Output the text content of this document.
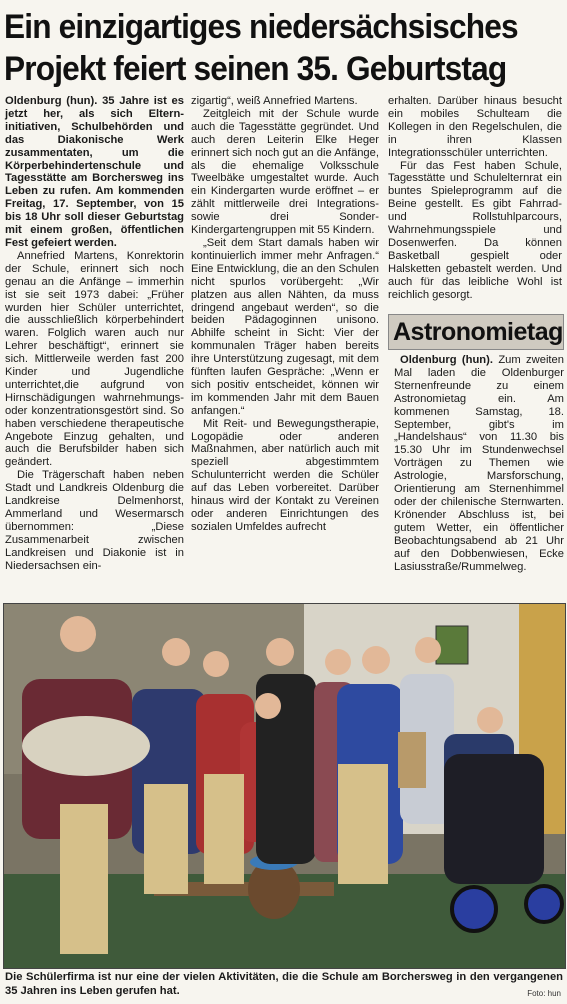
Ein einzigartiges niedersächsisches
Projekt feiert seinen 35. Geburtstag

Oldenburg (hun). 35 Jahre ist es jetzt her, als sich Eltern-initiativen, Schulbehörden und das Diakonische Werk zusammentaten, um die Körperbehindertenschule und Tagesstätte am Borchersweg ins Leben zu rufen. Am kommenden Freitag, 17. September, von 15 bis 18 Uhr soll dieser Geburtstag mit einem großen, öffentlichen Fest gefeiert werden.

Annefried Martens, Konrektorin der Schule, erinnert sich noch genau an die Anfänge – immerhin ist sie seit 1973 dabei: „Früher wurden hier Schüler unterrichtet, die ausschließlich körperbehindert waren. Folglich waren auch nur Lehrer beschäftigt“, erinnert sie sich. Mittlerweile werden fast 200 Kinder und Jugendliche unterrichtet,die aufgrund von Hirnschädigungen wahrnehmungs- oder konzentrationsgestört sind. So haben verschiedene therapeutische Angebote Einzug gehalten, und auch die Berufsbilder haben sich geändert.

Die Trägerschaft haben neben Stadt und Landkreis Oldenburg die Landkreise Delmenhorst, Ammerland und Wesermarsch übernommen: „Diese Zusammenarbeit zwischen Landkreisen und Diakonie ist in Niedersachsen ein-

zigartig“, weiß Annefried Martens.

Zeitgleich mit der Schule wurde auch die Tagesstätte gegründet. Und auch deren Leiterin Elke Heger erinnert sich noch gut an die Anfänge, als die ehemalige Volksschule Tweelbäke umgestaltet wurde. Auch ein Kindergarten wurde eröffnet – er zählt mittlerweile drei Integrations- sowie drei Sonder-Kindergartengruppen mit 55 Kindern.

„Seit dem Start damals haben wir kontinuierlich immer mehr Anfragen.“ Eine Entwicklung, die an den Schulen nicht spurlos vorübergeht: „Wir platzen aus allen Nähten, da muss dringend angebaut werden“, so die beiden Pädagoginnen unisono. Abhilfe scheint in Sicht: Vier der kommunalen Träger haben bereits ihre Unterstützung zugesagt, mit dem fünften laufen Gespräche: „Wenn er sich positiv entscheidet, können wir im kommenden Jahr mit dem Bauen anfangen.“

Mit Reit- und Bewegungstherapie, Logopädie oder anderen Maßnahmen, aber natürlich auch mit speziell abgestimmtem Schulunterricht werden die Schüler auf das Leben vorbereitet. Darüber hinaus wird der Kontakt zu Vereinen oder anderen Einrichtungen des sozialen Umfeldes aufrecht

erhalten. Darüber hinaus besucht ein mobiles Schulteam die Kollegen in den Regelschulen, die in ihren Klassen Integrationsschüler unterrichten.

Für das Fest haben Schule, Tagesstätte und Schulelternrat ein buntes Spieleprogramm auf die Beine gestellt. Es gibt Fahrrad- und Rollstuhlparcours, Wahrnehmungsspiele und Dosenwerfen. Da können Basketball gespielt oder Halsketten gebastelt werden. Und auch für das leibliche Wohl ist reichlich gesorgt.

Astronomietag
Oldenburg (hun). Zum zweiten Mal laden die Oldenburger Sternenfreunde zu einem Astronomietag ein. Am kommenen Samstag, 18. September, gibt's im „Handelshaus“ von 11.30 bis 15.30 Uhr im Stundenwechsel Vorträgen zu Themen wie Astrologie, Marsforschung, Orientierung am Sternenhimmel oder der chilenische Sternwarten. Krönender Abschluss ist, bei gutem Wetter, ein öffentlicher Beobachtungsabend ab 21 Uhr auf den Dobbenwiesen, Ecke Lasiusstraße/Rummelweg.
Die Schülerfirma ist nur eine der vielen Aktivitäten, die die Schule am Borchersweg in den vergangenen 35 Jahren ins Leben gerufen hat.	Foto: hun
